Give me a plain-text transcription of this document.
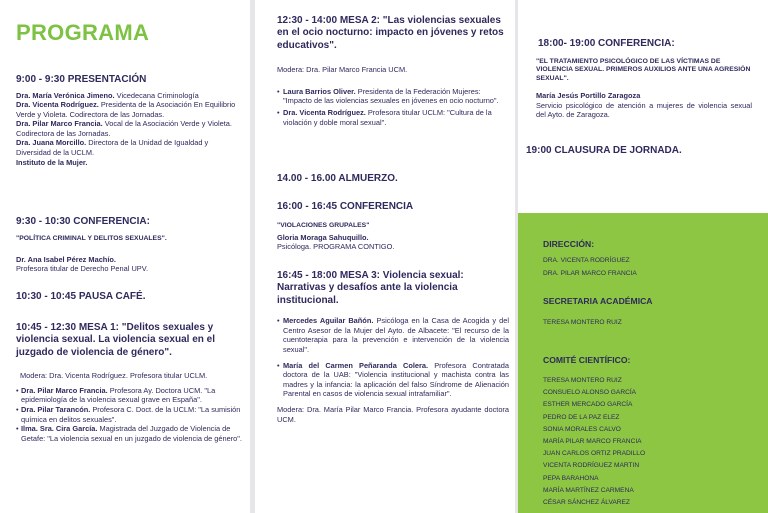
PROGRAMA
9:00 - 9:30 PRESENTACIÓN
Dra. María Verónica Jimeno. Vicedecana Criminología
Dra. Vicenta Rodríguez. Presidenta de la Asociación En Equilibrio Verde y Violeta. Codirectora de las Jornadas.
Dra. Pilar Marco Francia. Vocal de la Asociación Verde y Violeta. Codirectora de las Jornadas.
Dra. Juana Morcillo. Directora de la Unidad de Igualdad y Diversidad de la UCLM.
Instituto de la Mujer.
9:30 - 10:30 CONFERENCIA:
"POLÍTICA CRIMINAL Y DELITOS SEXUALES".
Dr. Ana Isabel Pérez Machío.
Profesora titular de Derecho Penal UPV.
10:30 - 10:45 PAUSA CAFÉ.
10:45 - 12:30 MESA 1: "Delitos sexuales y violencia sexual. La violencia sexual en el juzgado de violencia de género".
Moderа: Dra. Vicenta Rodríguez. Profesora titular UCLM.
• Dra. Pilar Marco Francia. Profesora Ay. Doctora UCM. "La epidemiología de la violencia sexual grave en España".
• Dra. Pilar Tarancón. Profesora C. Doct. de la UCLM: "La sumisión química en delitos sexuales".
• Ilma. Sra. Cira García. Magistrada del Juzgado de Violencia de Getafe: "La violencia sexual en un juzgado de violencia de género".
12:30 - 14:00 MESA 2: "Las violencias sexuales en el ocio nocturno: impacto en jóvenes y retos educativos".
Modera: Dra. Pilar Marco Francia UCM.
• Laura Barrios Oliver. Presidenta de la Federación Mujeres: "Impacto de las violencias sexuales en jóvenes en ocio nocturno".
• Dra. Vicenta Rodríguez. Profesora titular UCLM: "Cultura de la violación y doble moral sexual".
14.00 - 16.00 ALMUERZO.
16:00 - 16:45 CONFERENCIA
"VIOLACIONES GRUPALES"
Gloria Moraga Sahuquillo.
Psicóloga. PROGRAMA CONTIGO.
16:45 - 18:00 MESA 3: Violencia sexual: Narrativas y desafíos ante la violencia institucional.
• Mercedes Aguilar Bañón. Psicóloga en la Casa de Acogida y del Centro Asesor de la Mujer del Ayto. de Albacete: "El recurso de la cuentoterapia para la prevención e intervención de la violencia sexual".
• María del Carmen Peñaranda Colera. Profesora Contratada doctora de la UAB: "Violencia institucional y machista contra las madres y la infancia: la aplicación del falso Síndrome de Alienación Parental en casos de violencia sexual intrafamiliar".
Modera: Dra. María Pilar Marco Francia. Profesora ayudante doctora UCM.
18:00- 19:00 CONFERENCIA:
"EL TRATAMIENTO PSICOLÓGICO DE LAS VÍCTIMAS DE VIOLENCIA SEXUAL. PRIMEROS AUXILIOS ANTE UNA AGRESIÓN SEXUAL".
María Jesús Portillo Zaragoza
Servicio psicológico de atención a mujeres de violencia sexual del Ayto. de Zaragoza.
19:00 CLAUSURA DE JORNADA.
DIRECCIÓN:
DRA. VICENTA RODRÍGUEZ
DRA. PILAR MARCO FRANCIA
SECRETARIA ACADÉMICA
TERESA MONTERO RUIZ
COMITÉ CIENTÍFICO:
TERESA MONTERO RUIZ
CONSUELO ALONSO GARCÍA
ESTHER MERCADO GARCÍA
PEDRO DE LA PAZ ELEZ
SONIA MORALES CALVO
MARÍA PILAR MARCO FRANCIA
JUAN CARLOS ORTIZ PRADILLO
VICENTA RODRÍGUEZ MARTIN
PEPA BARAHONA
MARÍA MARTÍNEZ CARMENA
CÉSAR SÁNCHEZ ÁLVAREZ
